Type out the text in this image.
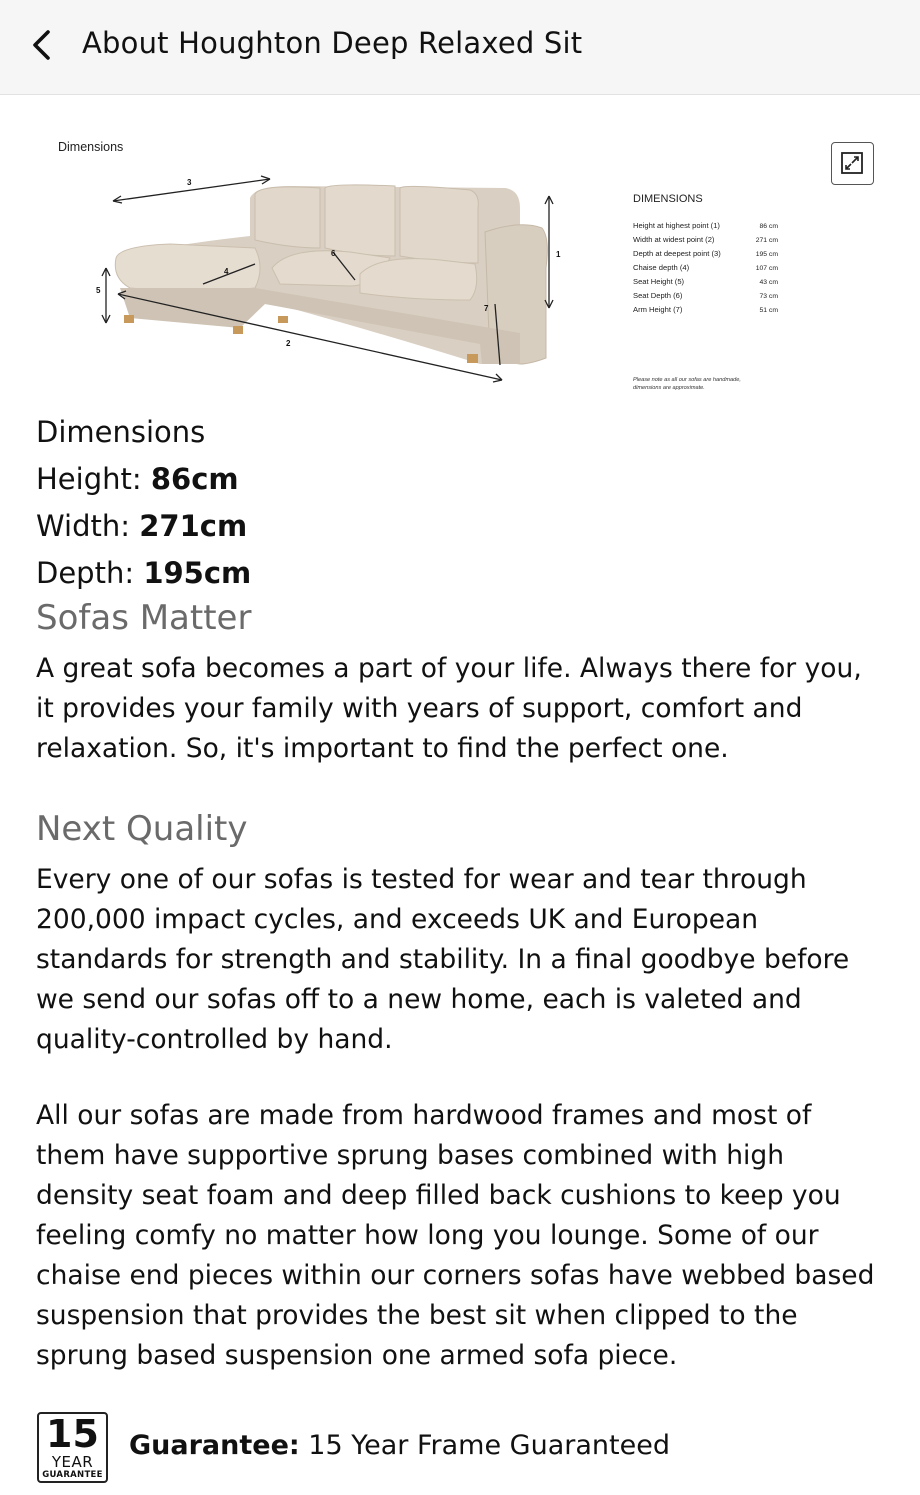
About Houghton Deep Relaxed Sit
Dimensions
3
1
5
4
6
7
2
DIMENSIONS
Height at highest point (1)
Width at widest point (2)
Depth at deepest point (3)
Chaise depth (4)
Seat Height (5)
Seat Depth (6)
Arm Height (7)
86 cm
271 cm
195 cm
107 cm
43 cm
73 cm
51 cm
Please note as all our sofas are handmade,
dimensions are approximate.
Dimensions
Height: 86cm
Width: 271cm
Depth: 195cm
Sofas Matter
A great sofa becomes a part of your life. Always there for you, it provides your family with years of support, comfort and relaxation. So, it's important to find the perfect one.
Next Quality
Every one of our sofas is tested for wear and tear through 200,000 impact cycles, and exceeds UK and European standards for strength and stability. In a final goodbye before we send our sofas off to a new home, each is valeted and quality-controlled by hand.
All our sofas are made from hardwood frames and most of them have supportive sprung bases combined with high density seat foam and deep filled back cushions to keep you feeling comfy no matter how long you lounge. Some of our chaise end pieces within our corners sofas have webbed based suspension that provides the best sit when clipped to the sprung based suspension one armed sofa piece.
15
YEAR
GUARANTEE
Guarantee: 15 Year Frame Guaranteed
